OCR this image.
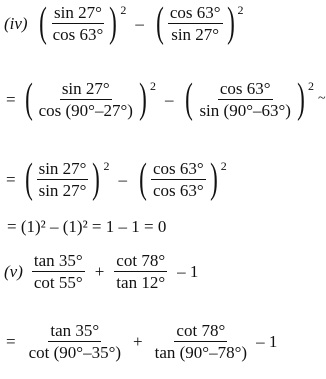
(iv) ( $\frac{\sin 27^\circ}{\cos 63^\circ}$ ) 2
– ( $\frac{\cos 63^\circ}{\sin 27^\circ}$ ) 2
= ( $\frac{\sin 27^\circ}{\cos (90^\circ-27^\circ)}$ ) 2
– ( $\frac{\cos 63^\circ}{\sin (90^\circ-63^\circ)}$ ) 2
~
= ( $\frac{\sin 27^\circ}{\sin 27^\circ}$ ) 2
– ( $\frac{\cos 63^\circ}{\cos 63^\circ}$ ) 2
= (1)² – (1)² = 1 – 1 = 0
$(v) \frac{\tan 35^\circ}{\cot 55^\circ} + \frac{\cot 78^\circ}{\tan 12^\circ} - 1$
= $\frac{\tan 35^\circ}{\cot (90^\circ-35^\circ)} + \frac{\cot 78^\circ}{\tan (90^\circ-78^\circ)} - 1$
